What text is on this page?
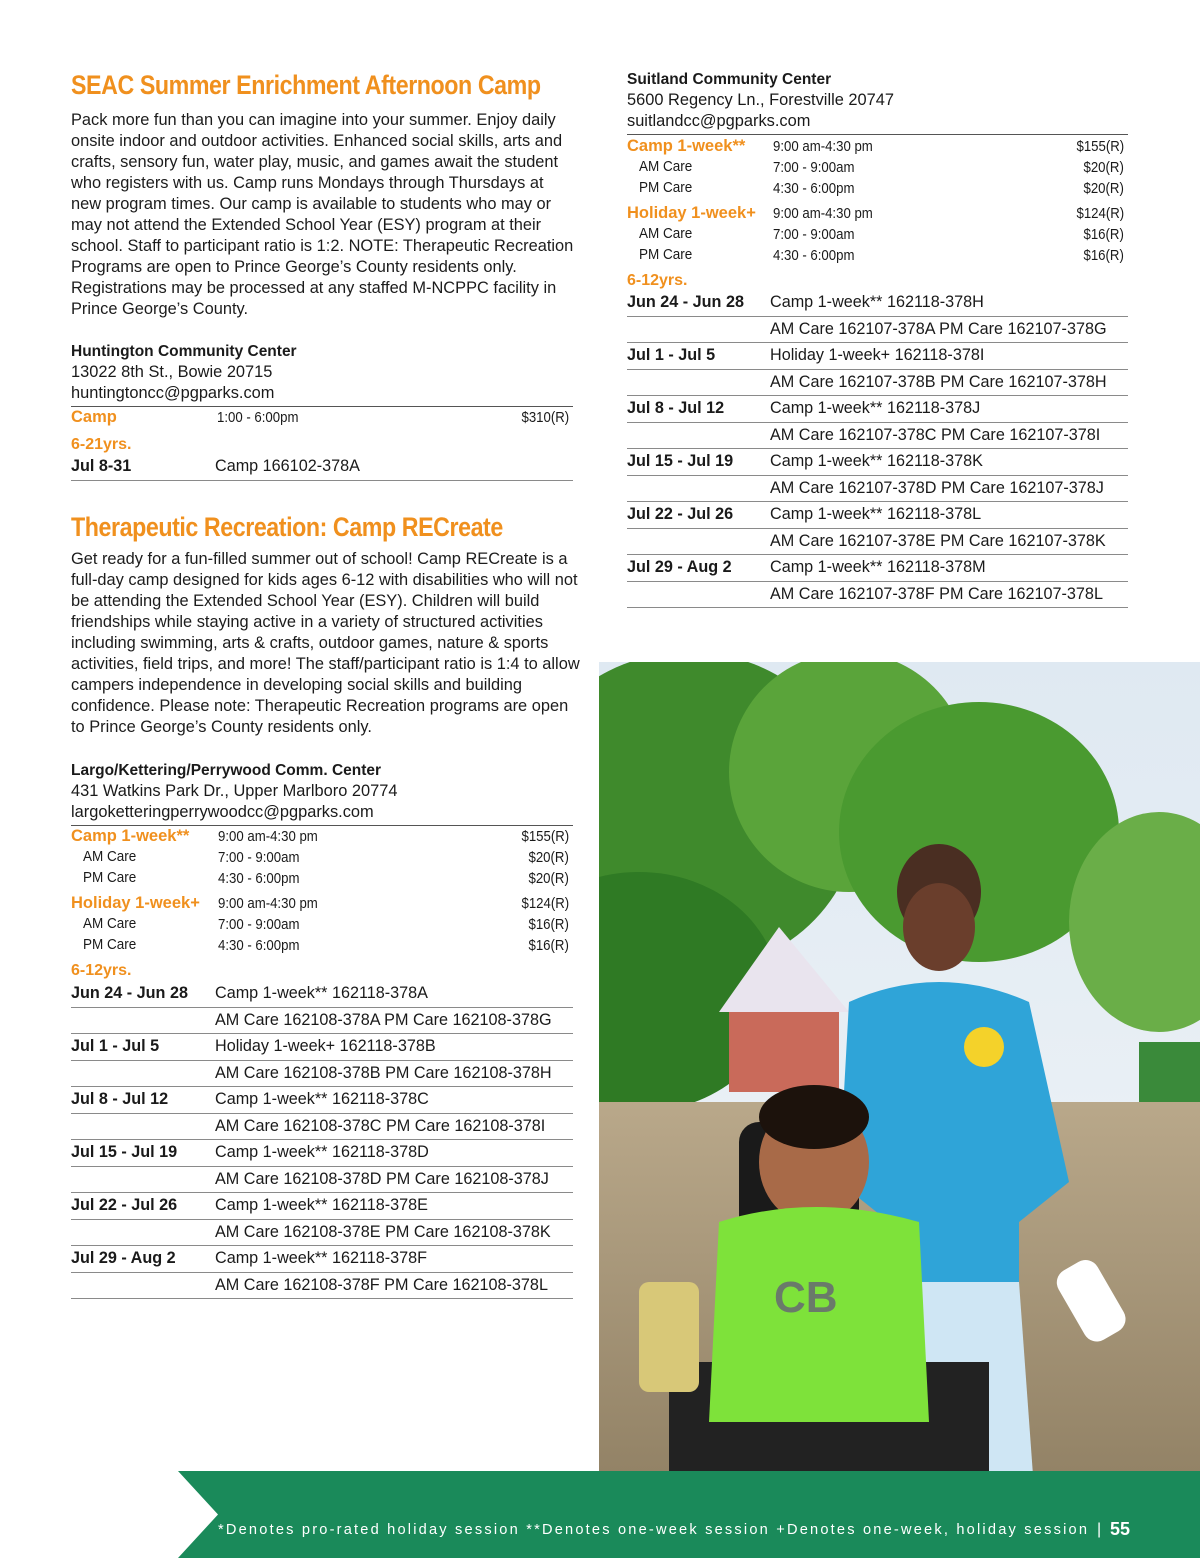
SEAC Summer Enrichment Afternoon Camp

Pack more fun than you can imagine into your summer. Enjoy daily onsite indoor and outdoor activities. Enhanced social skills, arts and crafts, sensory fun, water play, music, and games await the student who registers with us. Camp runs Mondays through Thursdays at new program times. Our camp is available to students who may or may not attend the Extended School Year (ESY) program at their school. Staff to participant ratio is 1:2. NOTE: Therapeutic Recreation Programs are open to Prince George’s County residents only. Registrations may be processed at any staffed M-NCPPC facility in Prince George’s County.

Huntington Community Center
13022 8th St., Bowie 20715
huntingtoncc@pgparks.com
Camp	1:00 - 6:00pm	$310(R)
6-21yrs.
Jul 8-31	Camp 166102-378A
Therapeutic Recreation: Camp RECreate

Get ready for a fun-filled summer out of school! Camp RECreate is a full-day camp designed for kids ages 6-12 with disabilities who will not be attending the Extended School Year (ESY). Children will build friendships while staying active in a variety of structured activities including swimming, arts & crafts, outdoor games, nature & sports activities, field trips, and more! The staff/participant ratio is 1:4 to allow campers independence in developing social skills and building confidence. Please note: Therapeutic Recreation programs are open to Prince George’s County residents only.

Largo/Kettering/Perrywood Comm. Center
431 Watkins Park Dr., Upper Marlboro 20774
largoketteringperrywoodcc@pgparks.com
Camp 1-week** 9:00 am-4:30 pm	$155(R)
AM Care	7:00 - 9:00am	$20(R)
PM Care	4:30 - 6:00pm	$20(R)
Holiday 1-week+ 9:00 am-4:30 pm	$124(R)
AM Care	7:00 - 9:00am	$16(R)
PM Care	4:30 - 6:00pm	$16(R)
6-12yrs.
Jun 24 - Jun 28 Camp 1-week** 162118-378A
AM Care 162108-378A PM Care 162108-378G
Jul 1 - Jul 5	Holiday 1-week+ 162118-378B
AM Care 162108-378B PM Care 162108-378H
Jul 8 - Jul 12	Camp 1-week** 162118-378C
AM Care 162108-378C PM Care 162108-378I
Jul 15 - Jul 19 Camp 1-week** 162118-378D
AM Care 162108-378D PM Care 162108-378J
Jul 22 - Jul 26 Camp 1-week** 162118-378E
AM Care 162108-378E PM Care 162108-378K
Jul 29 - Aug 2 Camp 1-week** 162118-378F
AM Care 162108-378F PM Care 162108-378L
Suitland Community Center
5600 Regency Ln., Forestville 20747
suitlandcc@pgparks.com
Camp 1-week** 9:00 am-4:30 pm	$155(R)
AM Care	7:00 - 9:00am	$20(R)
PM Care	4:30 - 6:00pm	$20(R)
Holiday 1-week+ 9:00 am-4:30 pm	$124(R)
AM Care	7:00 - 9:00am	$16(R)
PM Care	4:30 - 6:00pm	$16(R)
6-12yrs.
Jun 24 - Jun 28 Camp 1-week** 162118-378H
AM Care 162107-378A PM Care 162107-378G
Jul 1 - Jul 5	Holiday 1-week+ 162118-378I
AM Care 162107-378B PM Care 162107-378H
Jul 8 - Jul 12	Camp 1-week** 162118-378J
AM Care 162107-378C PM Care 162107-378I
Jul 15 - Jul 19 Camp 1-week** 162118-378K
AM Care 162107-378D PM Care 162107-378J
Jul 22 - Jul 26 Camp 1-week** 162118-378L
AM Care 162107-378E PM Care 162107-378K
Jul 29 - Aug 2 Camp 1-week** 162118-378M
AM Care 162107-378F PM Care 162107-378L
CB
*Denotes pro-rated holiday session **Denotes one-week session +Denotes one-week, holiday session | 55
